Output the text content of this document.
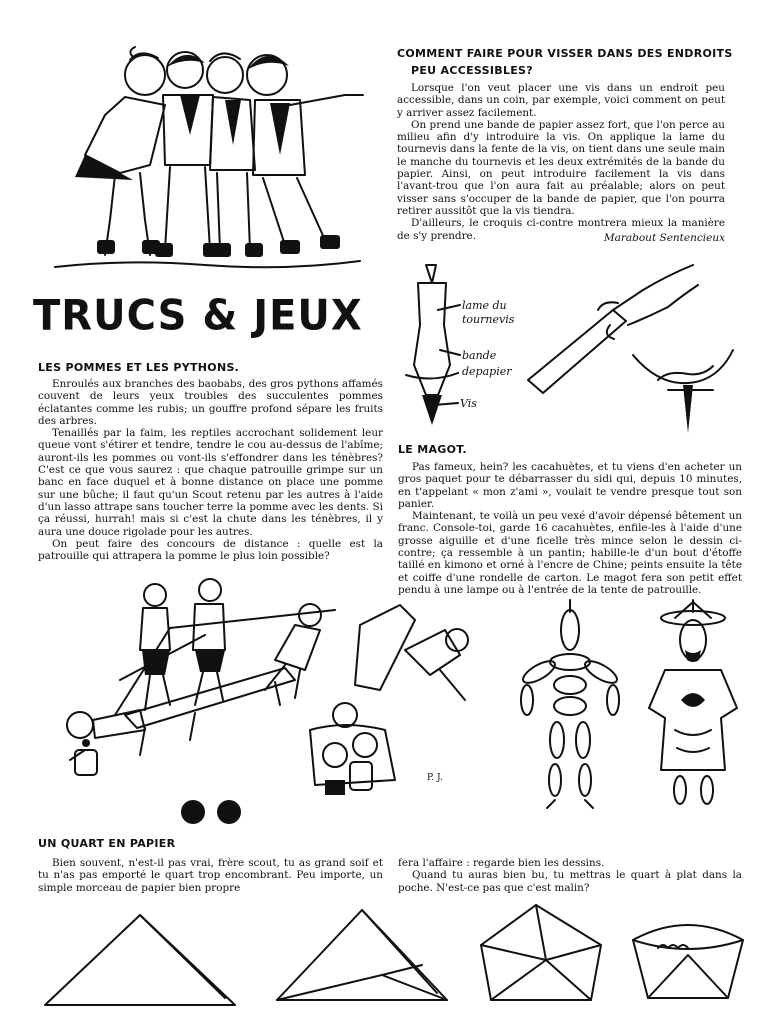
TRUCS & JEUX
LES POMMES ET LES PYTHONS.

Enroulés aux branches des baobabs, des gros pythons affamés couvent de leurs yeux troubles des succulentes pommes éclatantes comme les rubis; un gouffre profond sépare les fruits des arbres.

Tenaillés par la faim, les reptiles accrochant solidement leur queue vont s'étirer et tendre, tendre le cou au-dessus de l'abîme; auront-ils les pommes ou vont-ils s'effondrer dans les ténèbres? C'est ce que vous saurez : que chaque patrouille grimpe sur un banc en face duquel et à bonne distance on place une pomme sur une bûche; il faut qu'un Scout retenu par les autres à l'aide d'un lasso attrape sans toucher terre la pomme avec les dents. Si ça réussi, hurrah! mais si c'est la chute dans les ténèbres, il y aura une douce rigolade pour les autres.

On peut faire des concours de distance : quelle est la patrouille qui attrapera la pomme le plus loin possible?

COMMENT FAIRE POUR VISSER DANS DES ENDROITS
PEU ACCESSIBLES?

Lorsque l'on veut placer une vis dans un endroit peu accessible, dans un coin, par exemple, voici comment on peut y arriver assez facilement.

On prend une bande de papier assez fort, que l'on perce au milieu afin d'y introduire la vis. On applique la lame du tournevis dans la fente de la vis, on tient dans une seule main le manche du tournevis et les deux extrémités de la bande du papier. Ainsi, on peut introduire facilement la vis dans l'avant-trou que l'on aura fait au préalable; alors on peut visser sans s'occuper de la bande de papier, que l'on pourra retirer aussitôt que la vis tiendra.

D'ailleurs, le croquis ci-contre montrera mieux la manière de s'y prendre.	Marabout Sentencieux
lame du
tournevis
bande
depapier
Vis
LE MAGOT.

Pas fameux, hein? les cacahuètes, et tu viens d'en acheter un gros paquet pour te débarrasser du sidi qui, depuis 10 minutes, en t'appelant « mon z'ami », voulait te vendre presque tout son panier.

Maintenant, te voilà un peu vexé d'avoir dépensé bêtement un franc. Console-toi, garde 16 cacahuètes, enfile-les à l'aide d'une grosse aiguille et d'une ficelle très mince selon le dessin ci-contre; ça ressemble à un pantin; habille-le d'un bout d'étoffe taillé en kimono et orné à l'encre de Chine; peints ensuite la tête et coiffe d'une rondelle de carton. Le magot fera son petit effet pendu à une lampe ou à l'entrée de la tente de patrouille.

P. J.
UN QUART EN PAPIER

Bien souvent, n'est-il pas vrai, frère scout, tu as grand soif et tu n'as pas emporté le quart trop encombrant. Peu importe, un simple morceau de papier bien propre

fera l'affaire : regarde bien les dessins.

Quand tu auras bien bu, tu mettras le quart à plat dans la poche. N'est-ce pas que c'est malin?
